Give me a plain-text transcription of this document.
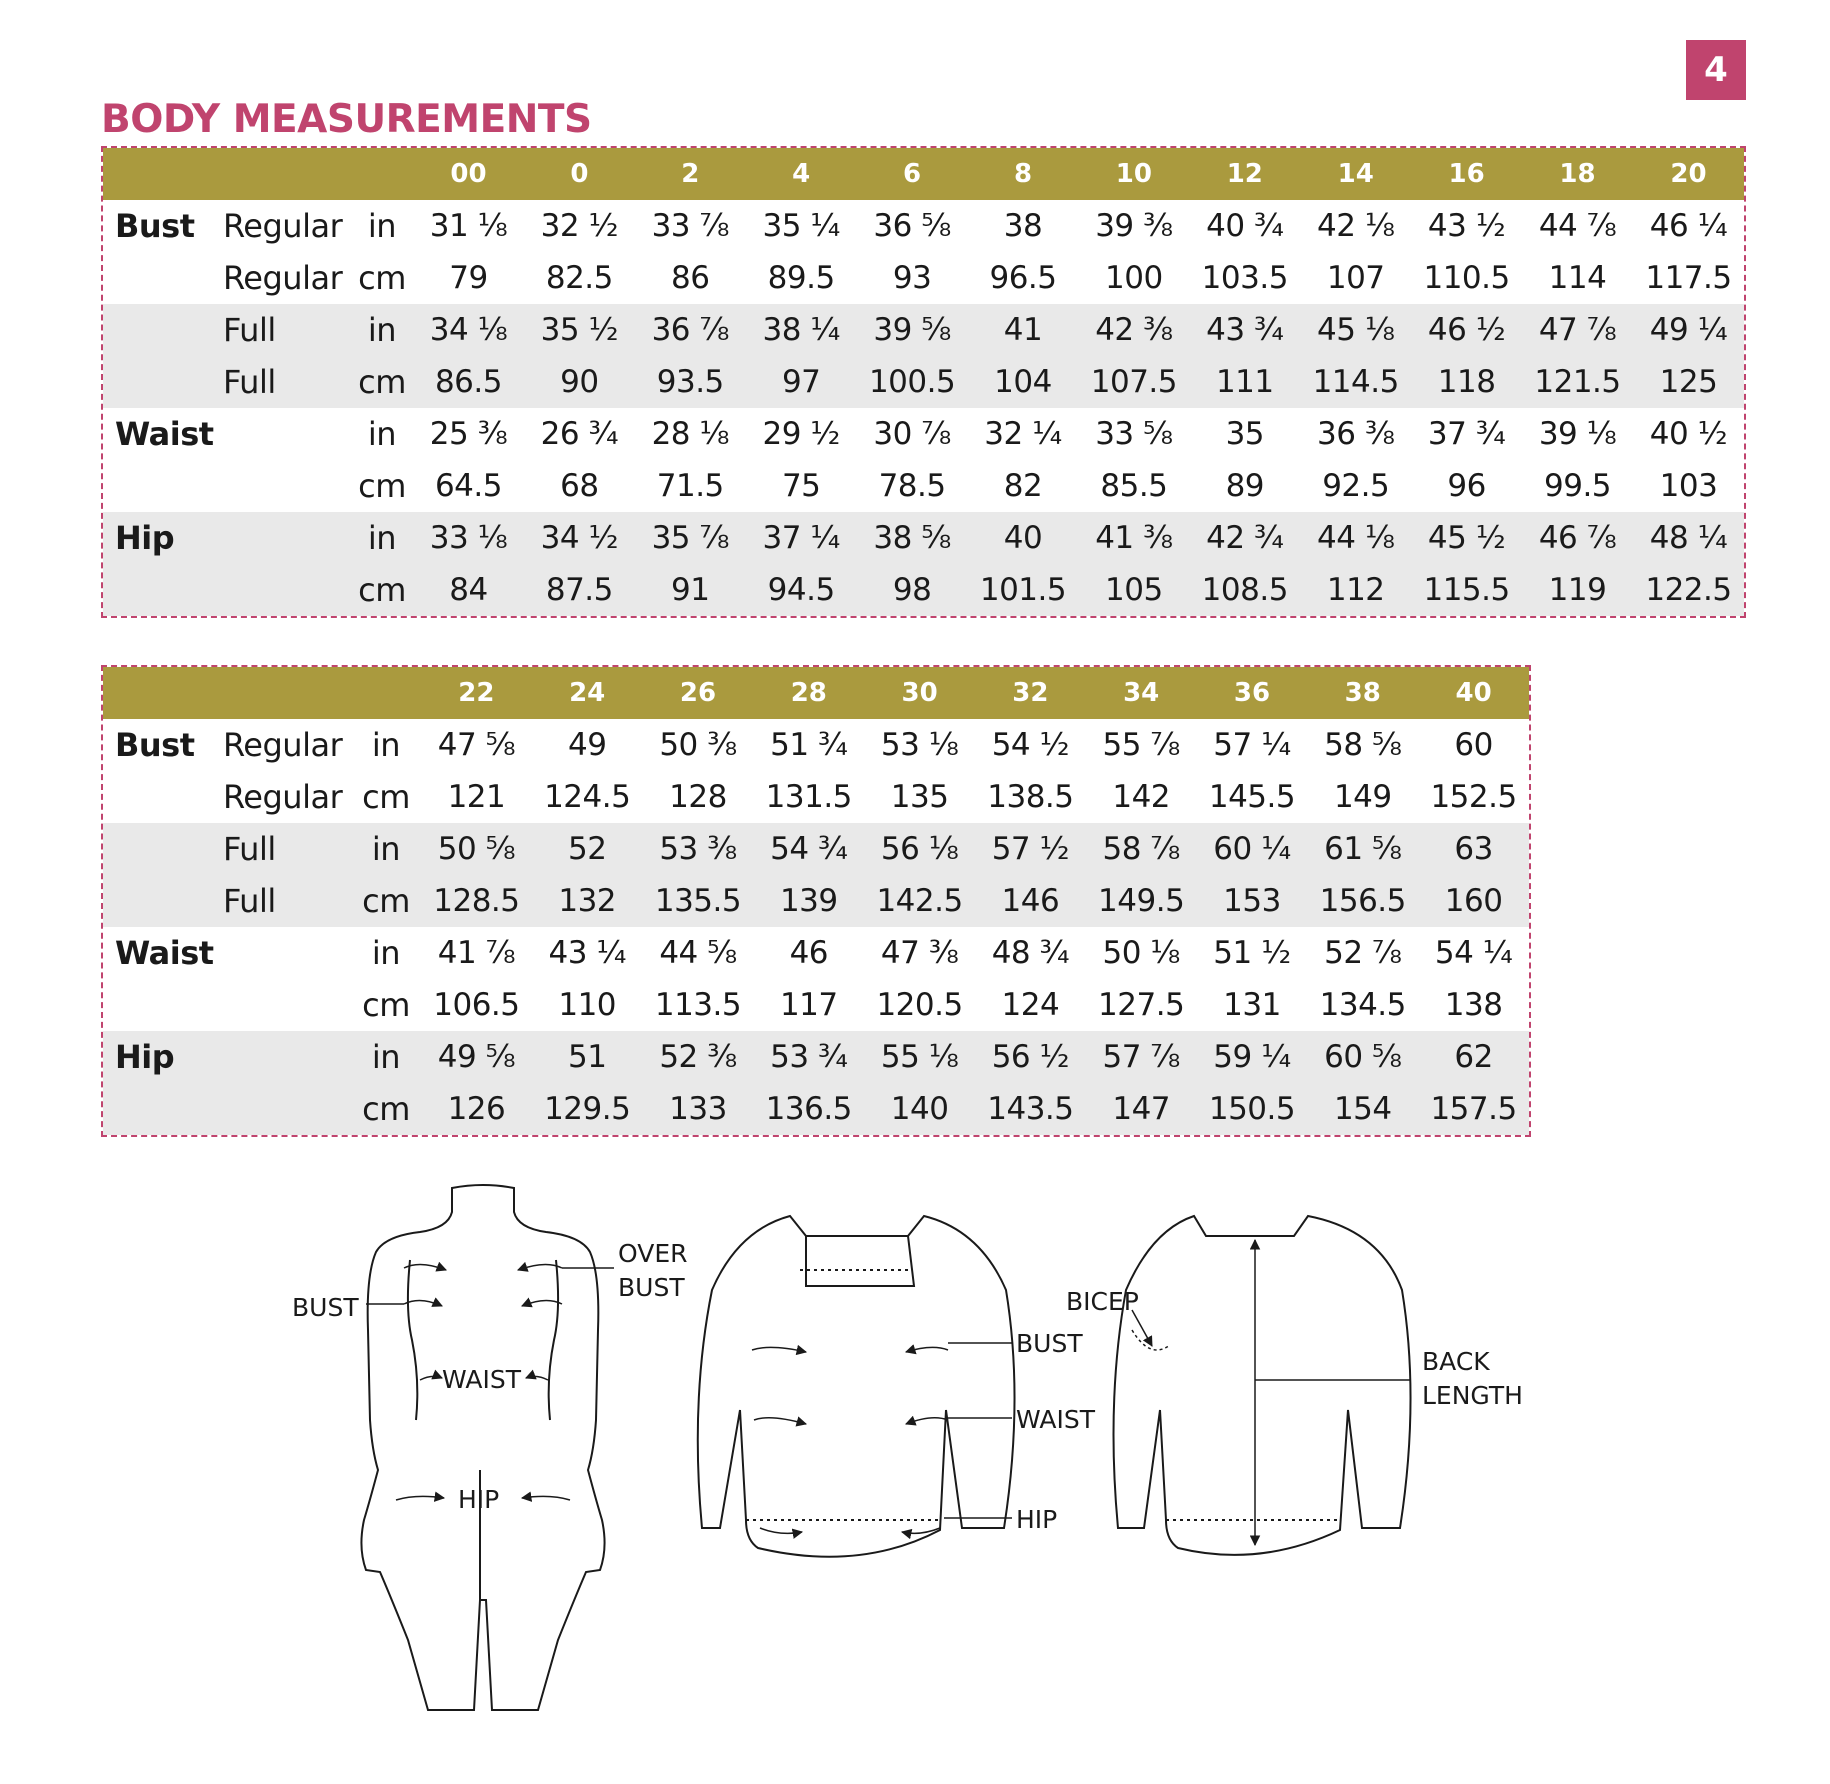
4
BODY MEASUREMENTS
			00	0	2	4	6	8	10	12	14	16	18	20
Bust	Regular	in	31 ⅛	32 ½	33 ⅞	35 ¼	36 ⅝	38	39 ⅜	40 ¾	42 ⅛	43 ½	44 ⅞	46 ¼
	Regular	cm	79	82.5	86	89.5	93	96.5	100	103.5	107	110.5	114	117.5
	Full	in	34 ⅛	35 ½	36 ⅞	38 ¼	39 ⅝	41	42 ⅜	43 ¾	45 ⅛	46 ½	47 ⅞	49 ¼
	Full	cm	86.5	90	93.5	97	100.5	104	107.5	111	114.5	118	121.5	125
Waist		in	25 ⅜	26 ¾	28 ⅛	29 ½	30 ⅞	32 ¼	33 ⅝	35	36 ⅜	37 ¾	39 ⅛	40 ½
		cm	64.5	68	71.5	75	78.5	82	85.5	89	92.5	96	99.5	103
Hip		in	33 ⅛	34 ½	35 ⅞	37 ¼	38 ⅝	40	41 ⅜	42 ¾	44 ⅛	45 ½	46 ⅞	48 ¼
		cm	84	87.5	91	94.5	98	101.5	105	108.5	112	115.5	119	122.5
			22	24	26	28	30	32	34	36	38	40
Bust	Regular	in	47 ⅝	49	50 ⅜	51 ¾	53 ⅛	54 ½	55 ⅞	57 ¼	58 ⅝	60
	Regular	cm	121	124.5	128	131.5	135	138.5	142	145.5	149	152.5
	Full	in	50 ⅝	52	53 ⅜	54 ¾	56 ⅛	57 ½	58 ⅞	60 ¼	61 ⅝	63
	Full	cm	128.5	132	135.5	139	142.5	146	149.5	153	156.5	160
Waist		in	41 ⅞	43 ¼	44 ⅝	46	47 ⅜	48 ¾	50 ⅛	51 ½	52 ⅞	54 ¼
		cm	106.5	110	113.5	117	120.5	124	127.5	131	134.5	138
Hip		in	49 ⅝	51	52 ⅜	53 ¾	55 ⅛	56 ½	57 ⅞	59 ¼	60 ⅝	62
		cm	126	129.5	133	136.5	140	143.5	147	150.5	154	157.5
BUST
OVER
BUST
WAIST
HIP
BUST
WAIST
HIP
BICEP
BACK
LENGTH
